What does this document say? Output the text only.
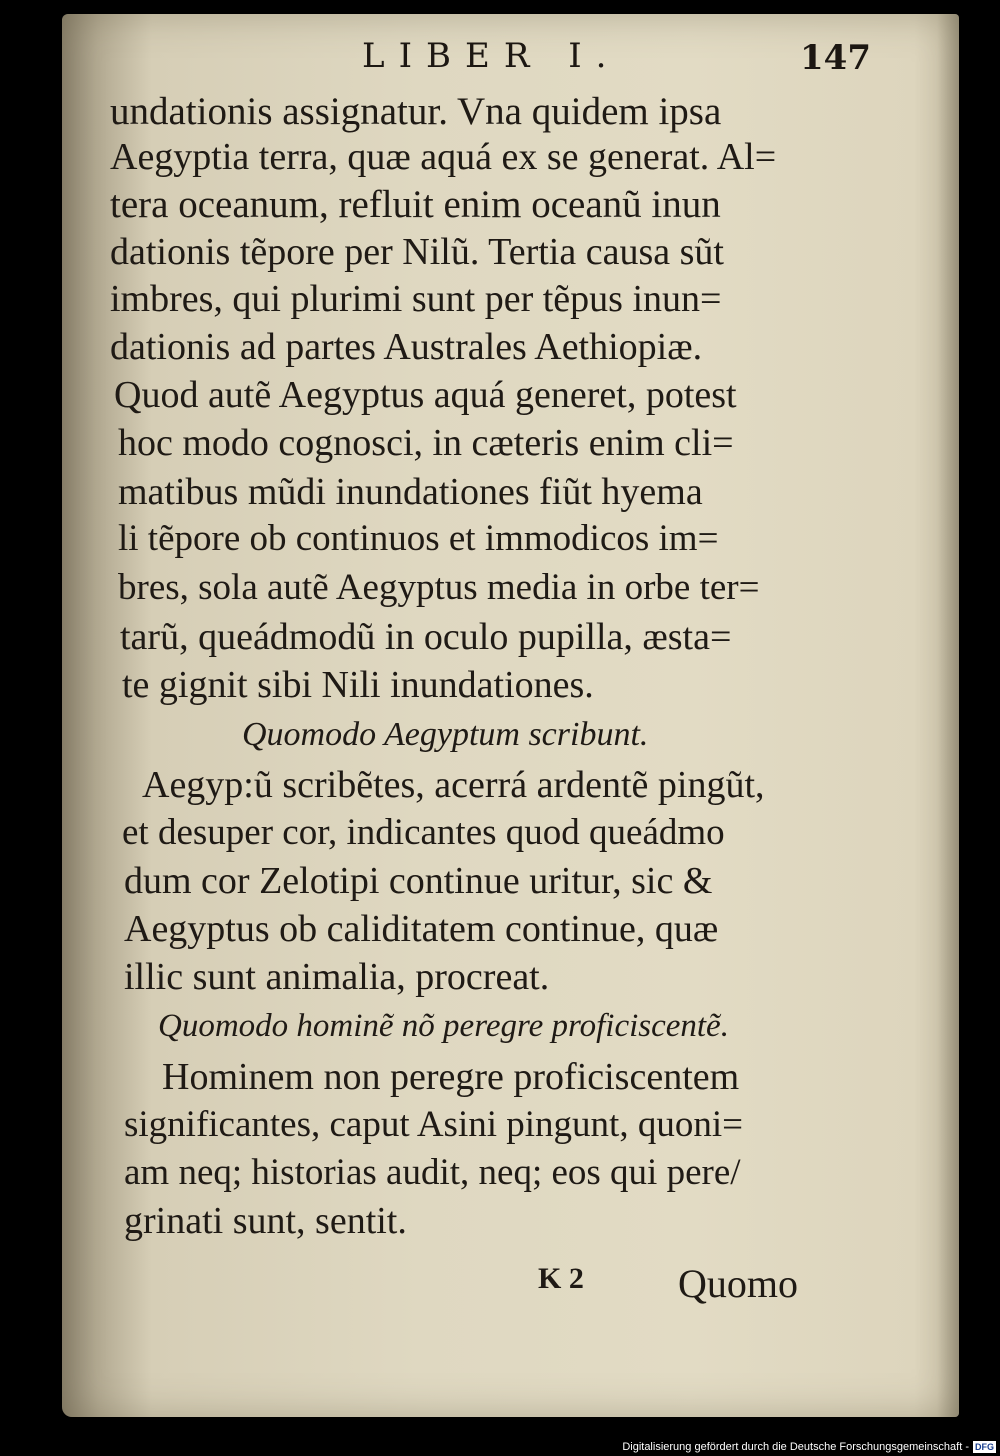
LIBER I.	147
undationis assignatur. Vna quidem ipsa
Aegyptia terra, quæ aquá ex se generat. Al=
tera oceanum, refluit enim oceanũ inun
dationis tẽpore per Nilũ. Tertia causa sũt
imbres, qui plurimi sunt per tẽpus inun=
dationis ad partes Australes Aethiopiæ.
Quod autẽ Aegyptus aquá generet, potest
hoc modo cognosci, in cæteris enim cli=
matibus mũdi inundationes fiũt hyema
li tẽpore ob continuos et immodicos im=
bres, sola autẽ Aegyptus media in orbe ter=
tarũ, queádmodũ in oculo pupilla, æsta=
te gignit sibi Nili inundationes.
Quomodo Aegyptum scribunt.
Aegyp:ũ scribẽtes, acerrá ardentẽ pingũt,
et desuper cor, indicantes quod queádmo
dum cor Zelotipi continue uritur, sic &
Aegyptus ob caliditatem continue, quæ
illic sunt animalia, procreat.
Quomodo hominẽ nõ peregre proficiscentẽ.
Hominem non peregre proficiscentem
significantes, caput Asini pingunt, quoni=
am neq; historias audit, neq; eos qui pere/
grinati sunt, sentit.
K 2 Quomo
Digitalisierung gefördert durch die Deutsche Forschungsgemeinschaft - DFG
